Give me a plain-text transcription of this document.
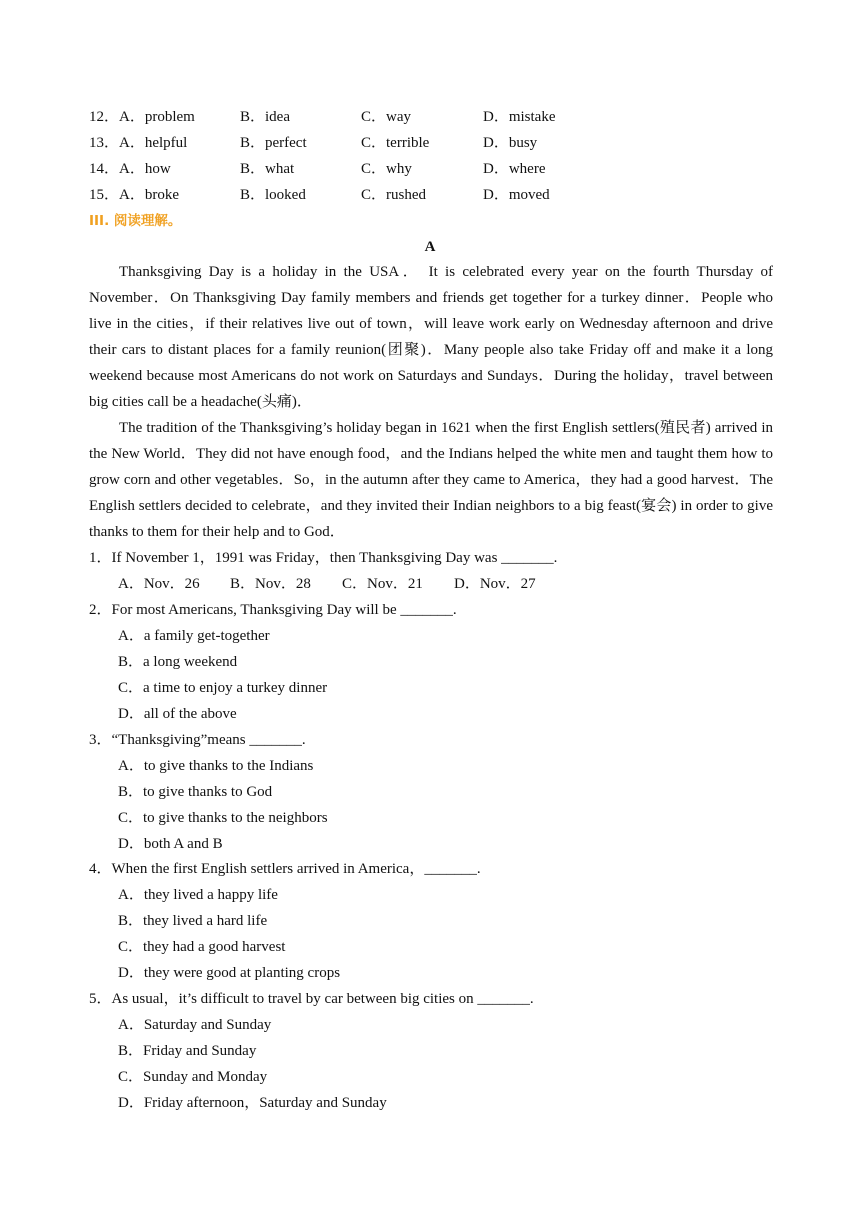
12．A．problem	B．idea	C．way	D．mistake
13．A．helpful	B．perfect	C．terrible	D．busy
14．A．how	B．what	C．why	D．where
15．A．broke	B．looked	C．rushed	D．moved
III. 阅读理解。
A

Thanksgiving Day is a holiday in the USA． It is celebrated every year on the fourth Thursday of November．On Thanksgiving Day family members and friends get together for a turkey dinner．People who live in the cities，if their relatives live out of town，will leave work early on Wednesday afternoon and drive their cars to distant places for a family reunion(团聚)．Many people also take Friday off and make it a long weekend because most Americans do not work on Saturdays and Sundays．During the holiday，travel between big cities call be a headache(头痛)．

The tradition of the Thanksgiving’s holiday began in 1621 when the first English settlers(殖民者) arrived in the New World．They did not have enough food，and the Indians helped the white men and taught them how to grow corn and other vegetables．So，in the autumn after they came to America，they had a good harvest．The English settlers decided to celebrate，and they invited their Indian neighbors to a big feast(宴会) in order to give thanks to them for their help and to God．

1．If November 1，1991 was Friday，then Thanksgiving Day was _______.
A．Nov．26 B．Nov．28 C．Nov．21 D．Nov．27
2．For most Americans, Thanksgiving Day will be _______.
A．a family get-together
B．a long weekend
C．a time to enjoy a turkey dinner
D．all of the above
3．“Thanksgiving”means _______.
A．to give thanks to the Indians
B．to give thanks to God
C．to give thanks to the neighbors
D．both A and B
4．When the first English settlers arrived in America，_______.
A．they lived a happy life
B．they lived a hard life
C．they had a good harvest
D．they were good at planting crops
5．As usual，it’s difficult to travel by car between big cities on _______.
A．Saturday and Sunday
B．Friday and Sunday
C．Sunday and Monday
D．Friday afternoon，Saturday and Sunday
